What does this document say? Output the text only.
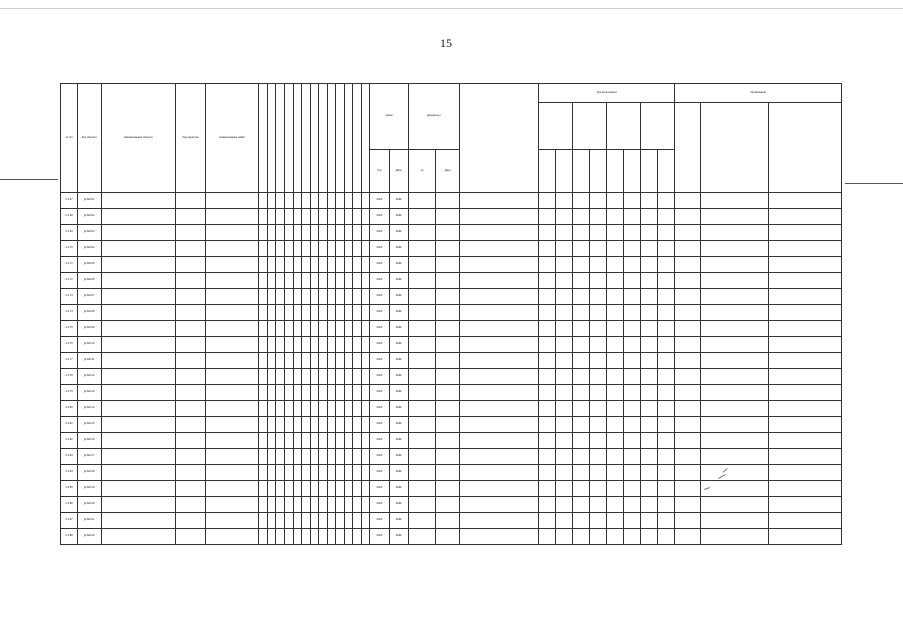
15
№ п/п	Код объекта	Наименование объекта	Код кадастра	Наименование работ														Сроки		Документы			Ход выполнения								Организация		

																		Год	Дата	№	Дата												
2.4.67	Д-АМ-01																	2022	2022														
2.4.68	Д-АМ-02																	2022	2022														
2.4.69	Д-АМ-03																	2022	2022														
2.4.70	Д-АМ-04																	2022	2022														
2.4.71	Д-АМ-05																	2022	2022														
2.4.72	Д-АМ-06																	2022	2022														
2.4.73	Д-АМ-07																	2022	2022														
2.4.74	Д-АМ-08																	2022	2022														
2.4.75	Д-АМ-09																	2022	2022														
2.4.76	Д-АМ-10																	2022	2022														
2.4.77	Д-АМ-11																	2022	2022														
2.4.78	Д-АМ-12																	2022	2022														
2.4.79	Д-АМ-13																	2022	2022														
2.4.80	Д-АМ-14																	2022	2022														
2.4.81	Д-АМ-15																	2022	2022														
2.4.82	Д-АМ-16																	2022	2022														
2.4.83	Д-АМ-17																	2022	2022														
2.4.84	Д-АМ-18																	2022	2022														
2.4.85	Д-АМ-19																	2022	2022														
2.4.86	Д-АМ-20																	2022	2022														
2.4.87	Д-АМ-21																	2022	2022														
2.4.88	Д-АМ-22																	2022	2022														
